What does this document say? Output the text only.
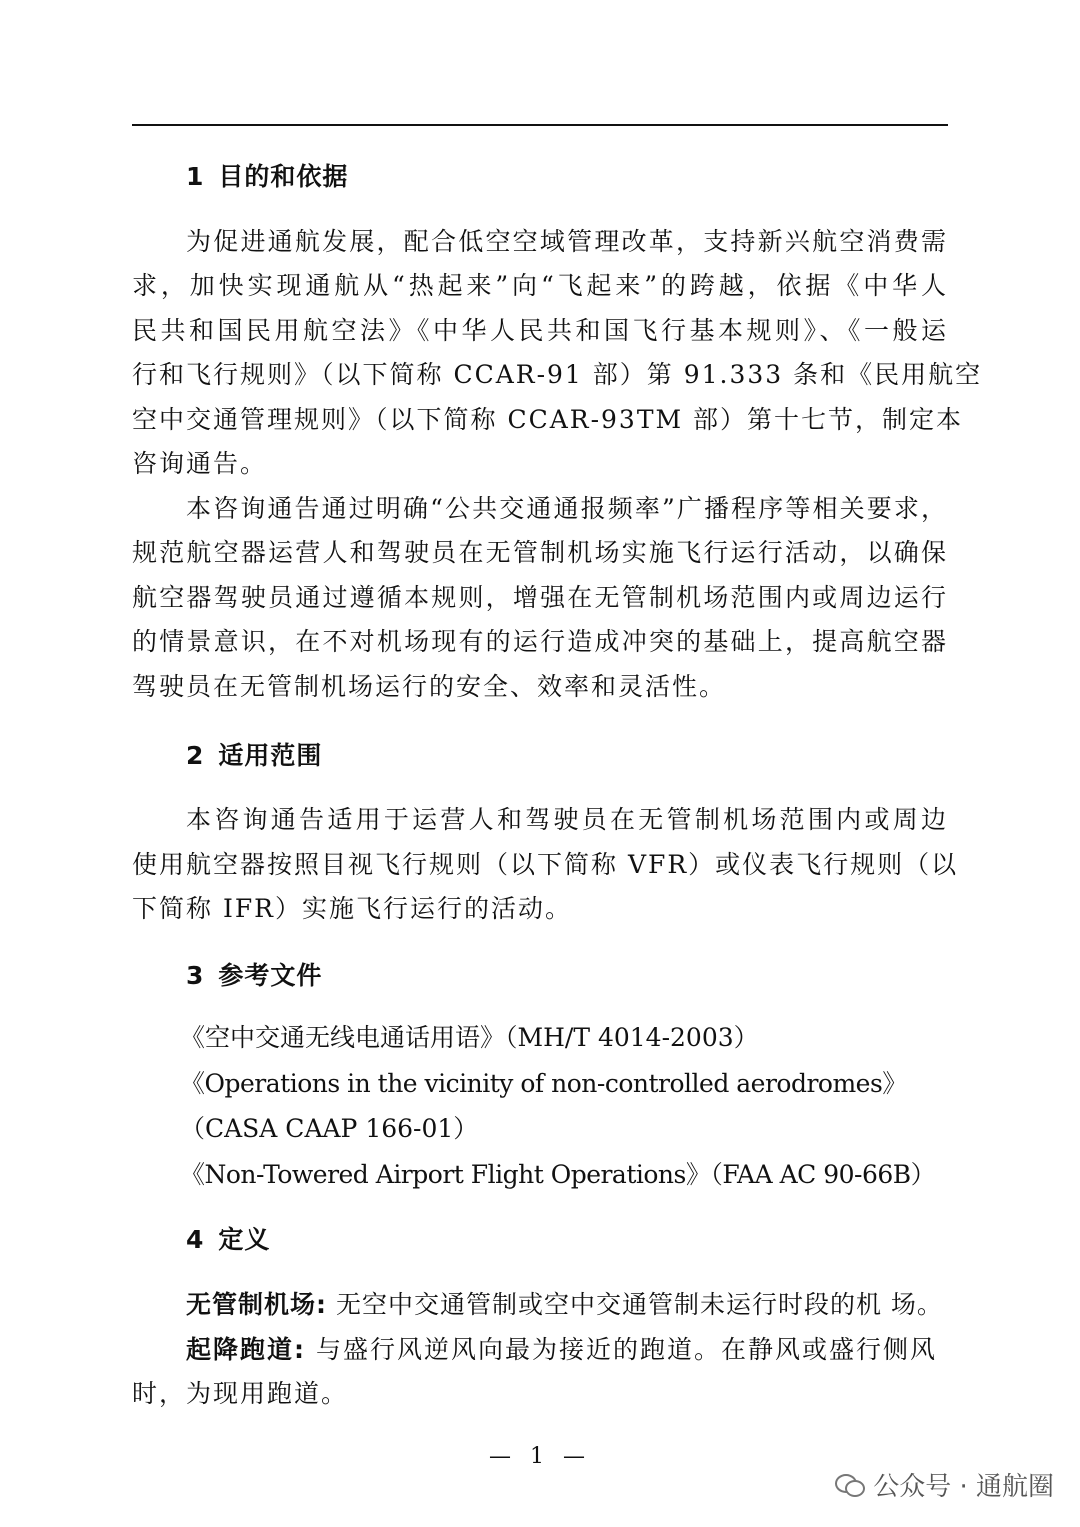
1 目的和依据
为促进通航发展，配合低空空域管理改革，支持新兴航空消费需
求，加快实现通航从“热起来”向“飞起来”的跨越，依据《中华人
民共和国民用航空法》《中华人民共和国飞行基本规则》、《一般运
行和飞行规则》（以下简称 CCAR-91 部）第 91.333 条和《民用航空
空中交通管理规则》（以下简称 CCAR-93TM 部）第十七节，制定本
咨询通告。
本咨询通告通过明确“公共交通通报频率”广播程序等相关要求，
规范航空器运营人和驾驶员在无管制机场实施飞行运行活动，以确保
航空器驾驶员通过遵循本规则，增强在无管制机场范围内或周边运行
的情景意识，在不对机场现有的运行造成冲突的基础上，提高航空器
驾驶员在无管制机场运行的安全、效率和灵活性。
2 适用范围
本咨询通告适用于运营人和驾驶员在无管制机场范围内或周边
使用航空器按照目视飞行规则（以下简称 VFR）或仪表飞行规则（以
下简称 IFR）实施飞行运行的活动。
3 参考文件
《空中交通无线电通话用语》（MH/T 4014-2003）
《Operations in the vicinity of non-controlled aerodromes》
（CASA CAAP 166-01）
《Non-Towered Airport Flight Operations》（FAA AC 90-66B）
4 定义
无管制机场: 无空中交通管制或空中交通管制未运行时段的机 场。
起降跑道: 与盛行风逆风向最为接近的跑道。在静风或盛行侧风
时，为现用跑道。
— 1 —
公众号 · 通航圈
